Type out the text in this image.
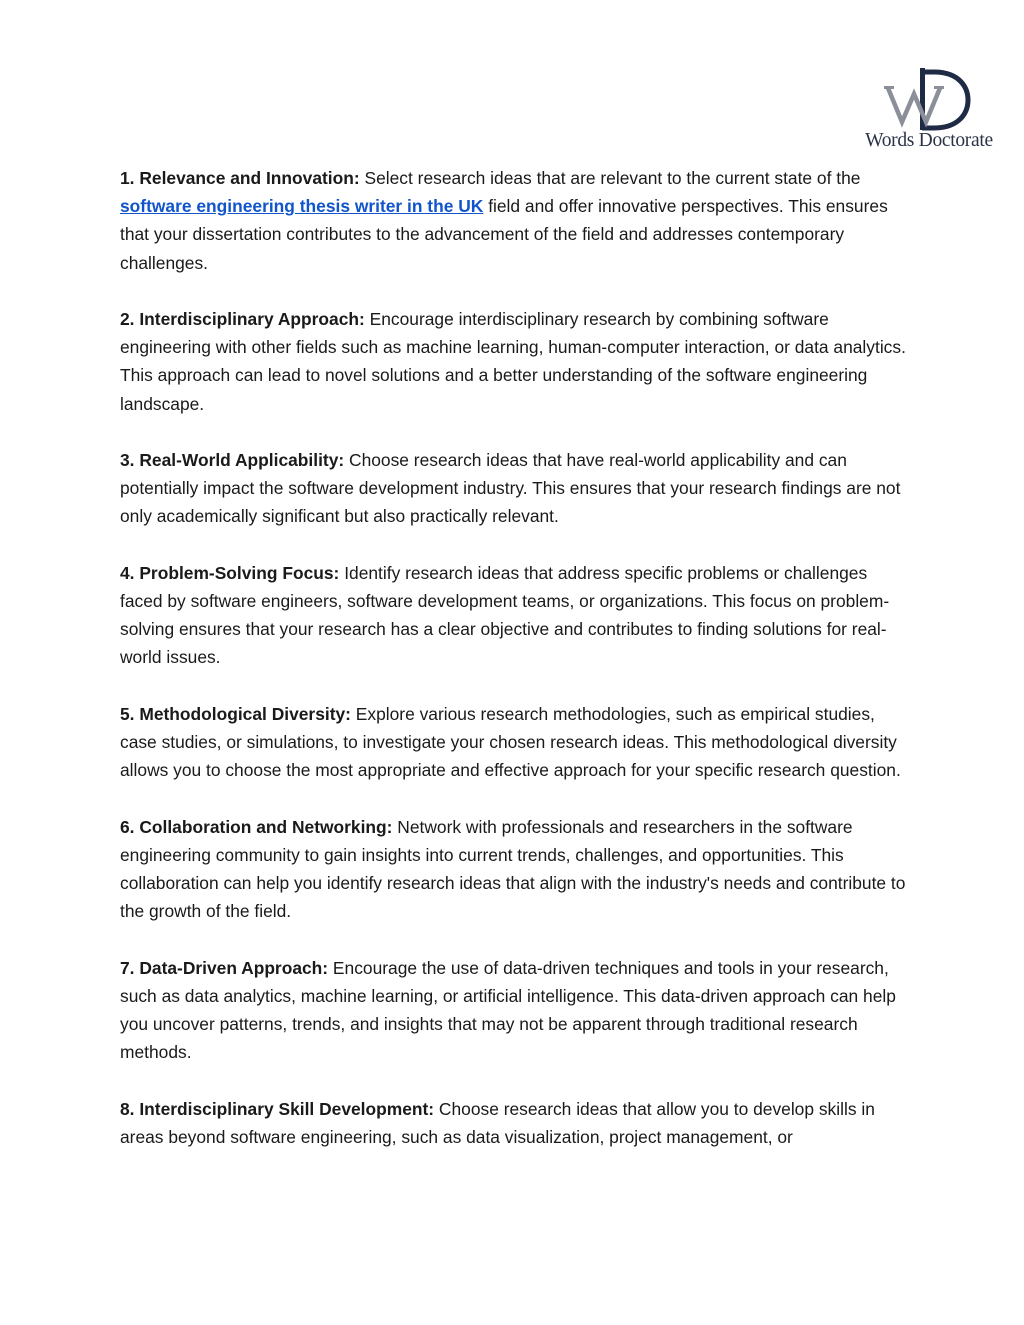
Words Doctorate

1. Relevance and Innovation: Select research ideas that are relevant to the current state of the software engineering thesis writer in the UK field and offer innovative perspectives. This ensures that your dissertation contributes to the advancement of the field and addresses contemporary challenges.

2. Interdisciplinary Approach: Encourage interdisciplinary research by combining software engineering with other fields such as machine learning, human-computer interaction, or data analytics. This approach can lead to novel solutions and a better understanding of the software engineering landscape.

3. Real-World Applicability: Choose research ideas that have real-world applicability and can potentially impact the software development industry. This ensures that your research findings are not only academically significant but also practically relevant.

4. Problem-Solving Focus: Identify research ideas that address specific problems or challenges faced by software engineers, software development teams, or organizations. This focus on problem-solving ensures that your research has a clear objective and contributes to finding solutions for real-world issues.

5. Methodological Diversity: Explore various research methodologies, such as empirical studies, case studies, or simulations, to investigate your chosen research ideas. This methodological diversity allows you to choose the most appropriate and effective approach for your specific research question.

6. Collaboration and Networking: Network with professionals and researchers in the software engineering community to gain insights into current trends, challenges, and opportunities. This collaboration can help you identify research ideas that align with the industry's needs and contribute to the growth of the field.

7. Data-Driven Approach: Encourage the use of data-driven techniques and tools in your research, such as data analytics, machine learning, or artificial intelligence. This data-driven approach can help you uncover patterns, trends, and insights that may not be apparent through traditional research methods.

8. Interdisciplinary Skill Development: Choose research ideas that allow you to develop skills in areas beyond software engineering, such as data visualization, project management, or
